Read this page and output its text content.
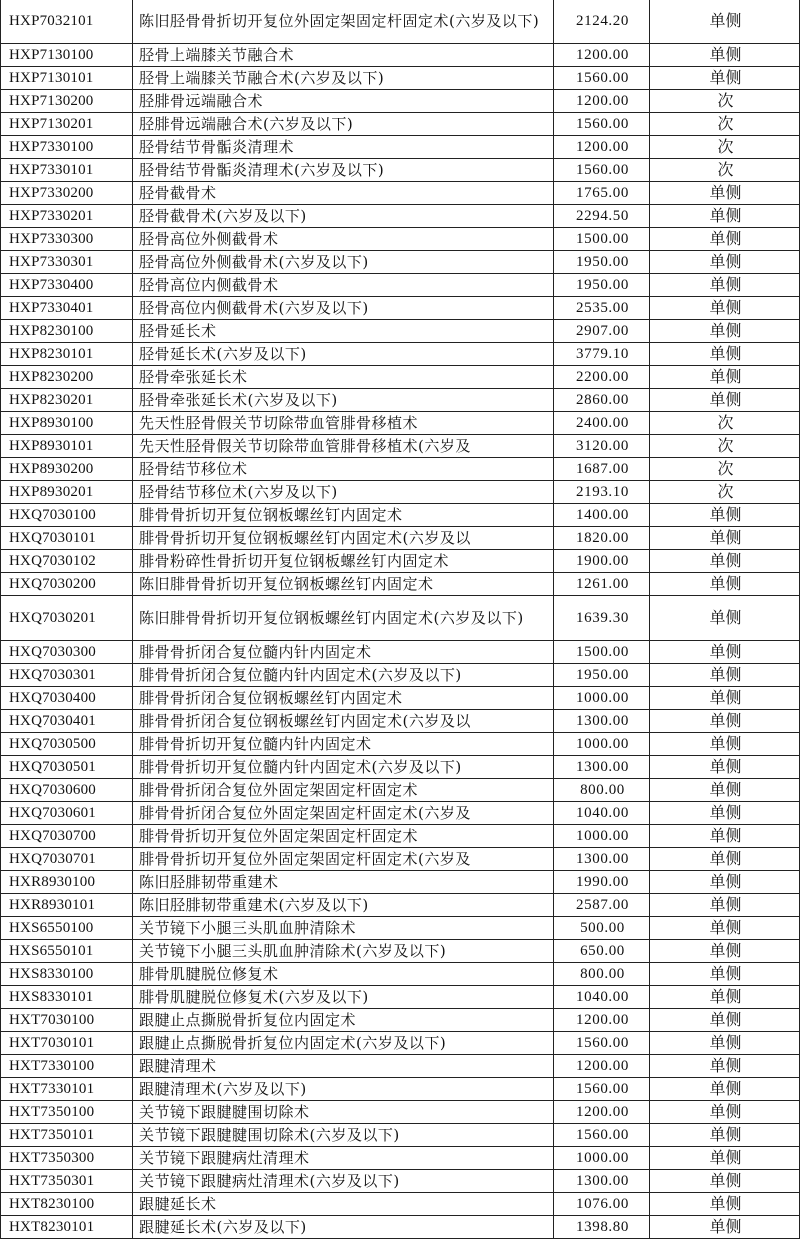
HXP7032101	陈旧胫骨骨折切开复位外固定架固定杆固定术(六岁及以下)	2124.20	单侧
HXP7130100	胫骨上端膝关节融合术	1200.00	单侧
HXP7130101	胫骨上端膝关节融合术(六岁及以下)	1560.00	单侧
HXP7130200	胫腓骨远端融合术	1200.00	次
HXP7130201	胫腓骨远端融合术(六岁及以下)	1560.00	次
HXP7330100	胫骨结节骨骺炎清理术	1200.00	次
HXP7330101	胫骨结节骨骺炎清理术(六岁及以下)	1560.00	次
HXP7330200	胫骨截骨术	1765.00	单侧
HXP7330201	胫骨截骨术(六岁及以下)	2294.50	单侧
HXP7330300	胫骨高位外侧截骨术	1500.00	单侧
HXP7330301	胫骨高位外侧截骨术(六岁及以下)	1950.00	单侧
HXP7330400	胫骨高位内侧截骨术	1950.00	单侧
HXP7330401	胫骨高位内侧截骨术(六岁及以下)	2535.00	单侧
HXP8230100	胫骨延长术	2907.00	单侧
HXP8230101	胫骨延长术(六岁及以下)	3779.10	单侧
HXP8230200	胫骨牵张延长术	2200.00	单侧
HXP8230201	胫骨牵张延长术(六岁及以下)	2860.00	单侧
HXP8930100	先天性胫骨假关节切除带血管腓骨移植术	2400.00	次
HXP8930101	先天性胫骨假关节切除带血管腓骨移植术(六岁及	3120.00	次
HXP8930200	胫骨结节移位术	1687.00	次
HXP8930201	胫骨结节移位术(六岁及以下)	2193.10	次
HXQ7030100	腓骨骨折切开复位钢板螺丝钉内固定术	1400.00	单侧
HXQ7030101	腓骨骨折切开复位钢板螺丝钉内固定术(六岁及以	1820.00	单侧
HXQ7030102	腓骨粉碎性骨折切开复位钢板螺丝钉内固定术	1900.00	单侧
HXQ7030200	陈旧腓骨骨折切开复位钢板螺丝钉内固定术	1261.00	单侧
HXQ7030201	陈旧腓骨骨折切开复位钢板螺丝钉内固定术(六岁及以下)	1639.30	单侧
HXQ7030300	腓骨骨折闭合复位髓内针内固定术	1500.00	单侧
HXQ7030301	腓骨骨折闭合复位髓内针内固定术(六岁及以下)	1950.00	单侧
HXQ7030400	腓骨骨折闭合复位钢板螺丝钉内固定术	1000.00	单侧
HXQ7030401	腓骨骨折闭合复位钢板螺丝钉内固定术(六岁及以	1300.00	单侧
HXQ7030500	腓骨骨折切开复位髓内针内固定术	1000.00	单侧
HXQ7030501	腓骨骨折切开复位髓内针内固定术(六岁及以下)	1300.00	单侧
HXQ7030600	腓骨骨折闭合复位外固定架固定杆固定术	800.00	单侧
HXQ7030601	腓骨骨折闭合复位外固定架固定杆固定术(六岁及	1040.00	单侧
HXQ7030700	腓骨骨折切开复位外固定架固定杆固定术	1000.00	单侧
HXQ7030701	腓骨骨折切开复位外固定架固定杆固定术(六岁及	1300.00	单侧
HXR8930100	陈旧胫腓韧带重建术	1990.00	单侧
HXR8930101	陈旧胫腓韧带重建术(六岁及以下)	2587.00	单侧
HXS6550100	关节镜下小腿三头肌血肿清除术	500.00	单侧
HXS6550101	关节镜下小腿三头肌血肿清除术(六岁及以下)	650.00	单侧
HXS8330100	腓骨肌腱脱位修复术	800.00	单侧
HXS8330101	腓骨肌腱脱位修复术(六岁及以下)	1040.00	单侧
HXT7030100	跟腱止点撕脱骨折复位内固定术	1200.00	单侧
HXT7030101	跟腱止点撕脱骨折复位内固定术(六岁及以下)	1560.00	单侧
HXT7330100	跟腱清理术	1200.00	单侧
HXT7330101	跟腱清理术(六岁及以下)	1560.00	单侧
HXT7350100	关节镜下跟腱腱围切除术	1200.00	单侧
HXT7350101	关节镜下跟腱腱围切除术(六岁及以下)	1560.00	单侧
HXT7350300	关节镜下跟腱病灶清理术	1000.00	单侧
HXT7350301	关节镜下跟腱病灶清理术(六岁及以下)	1300.00	单侧
HXT8230100	跟腱延长术	1076.00	单侧
HXT8230101	跟腱延长术(六岁及以下)	1398.80	单侧
